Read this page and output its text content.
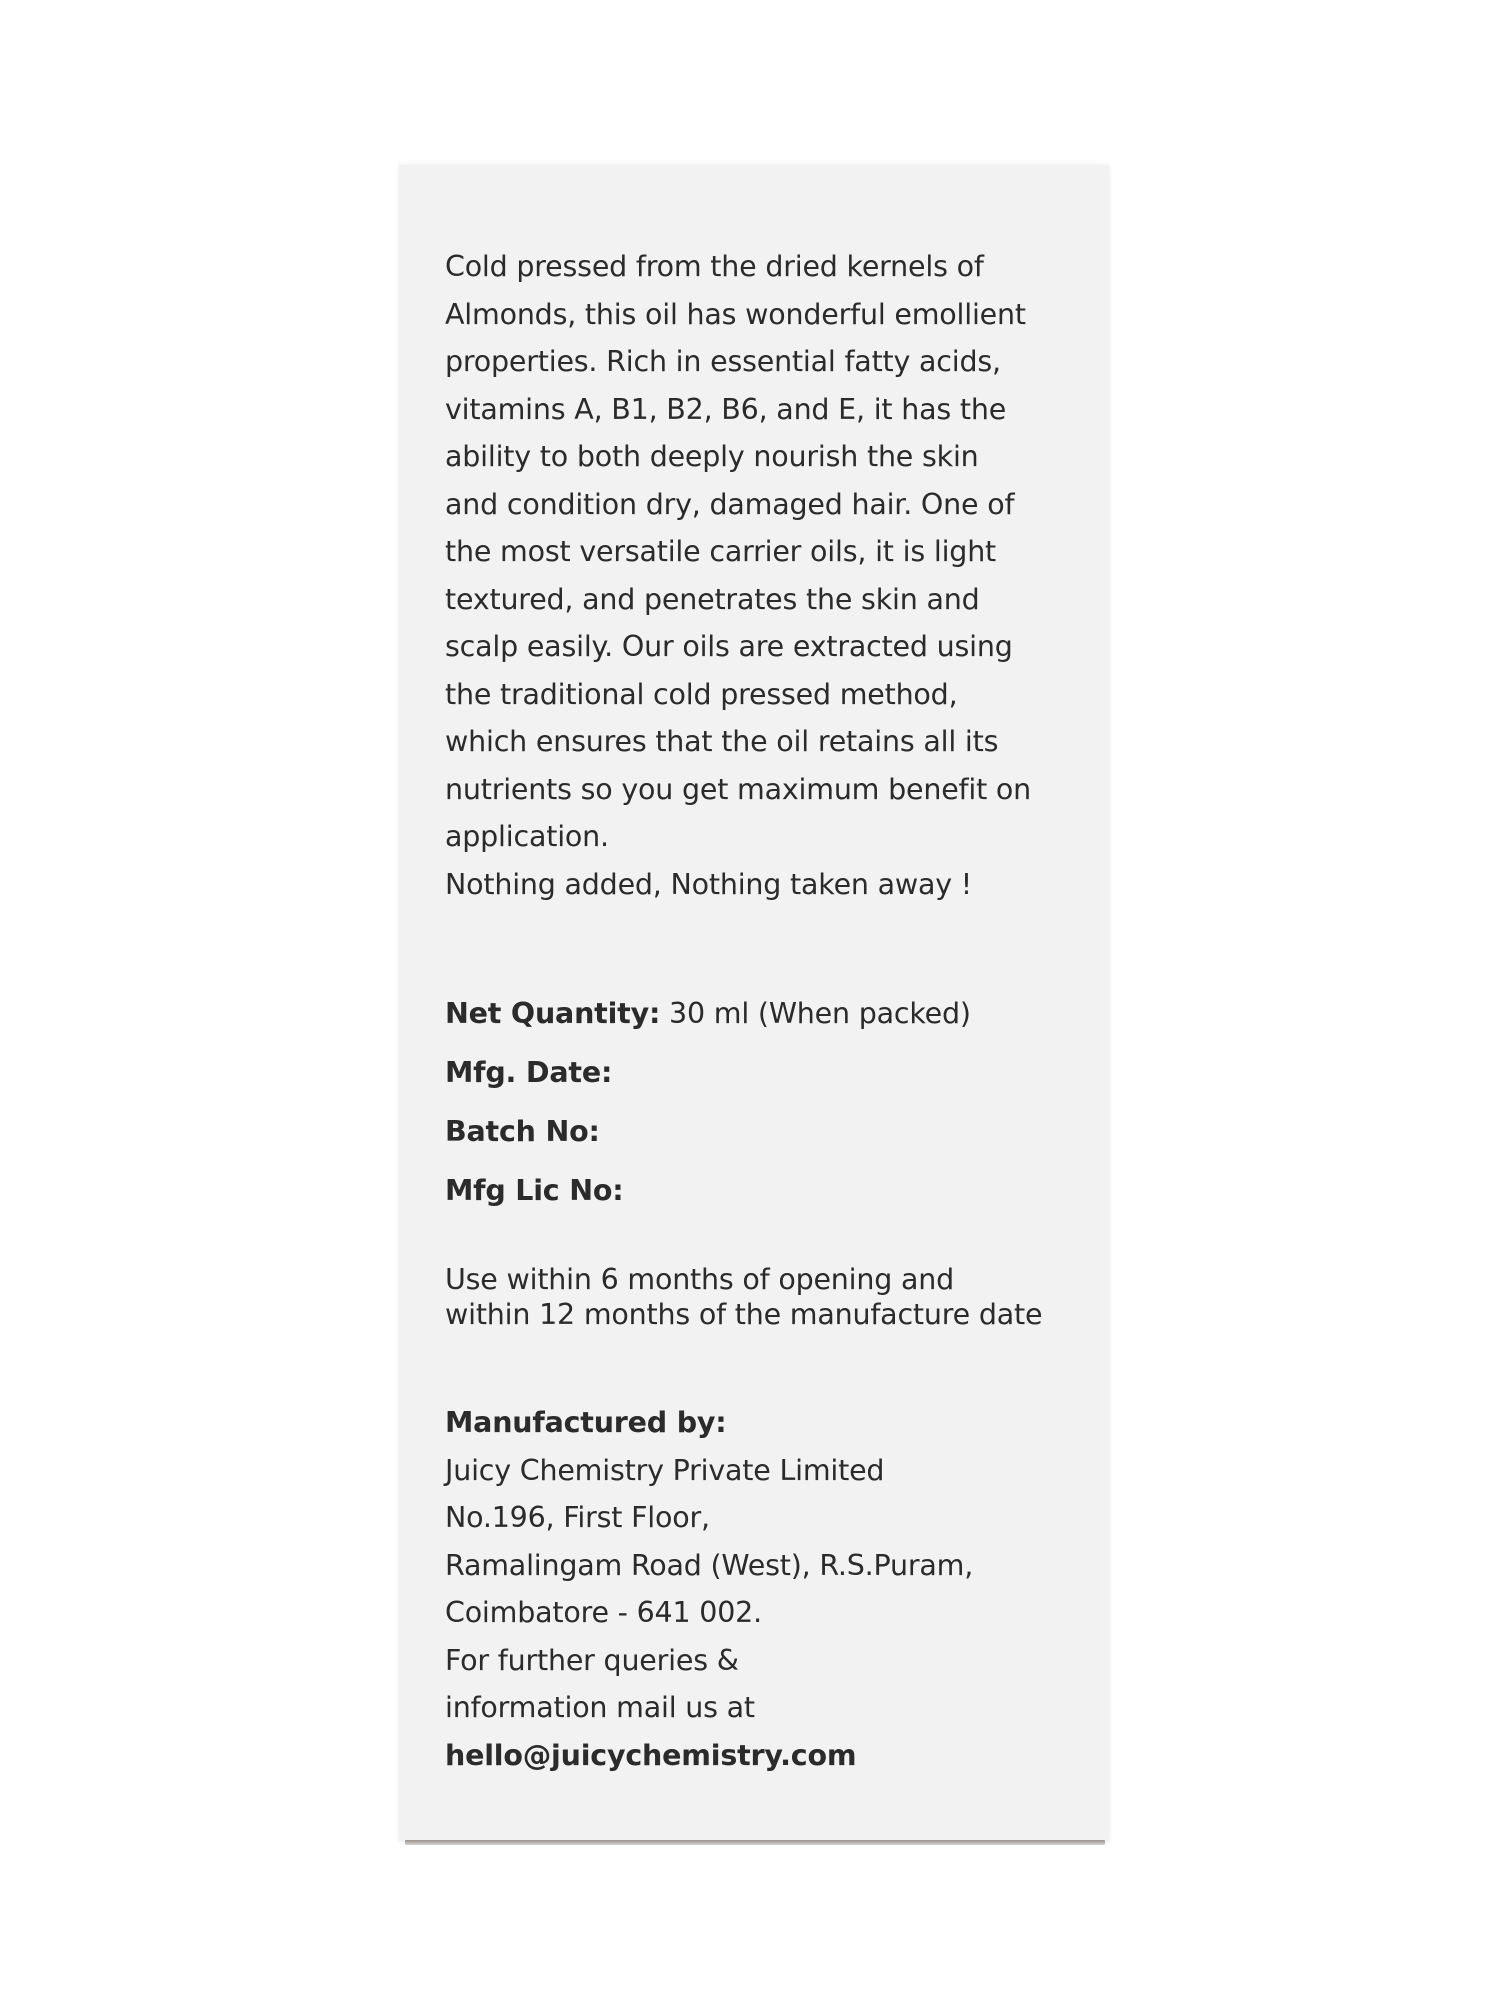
Cold pressed from the dried kernels of
Almonds, this oil has wonderful emollient
properties. Rich in essential fatty acids,
vitamins A, B1, B2, B6, and E, it has the
ability to both deeply nourish the skin
and condition dry, damaged hair. One of
the most versatile carrier oils, it is light
textured, and penetrates the skin and
scalp easily. Our oils are extracted using
the traditional cold pressed method,
which ensures that the oil retains all its
nutrients so you get maximum benefit on
application.
Nothing added, Nothing taken away !
Net Quantity: 30 ml (When packed)
Mfg. Date:
Batch No:
Mfg Lic No:
Use within 6 months of opening and
within 12 months of the manufacture date
Manufactured by:
Juicy Chemistry Private Limited
No.196, First Floor,
Ramalingam Road (West), R.S.Puram,
Coimbatore - 641 002.
For further queries &
information mail us at
hello@juicychemistry.com
